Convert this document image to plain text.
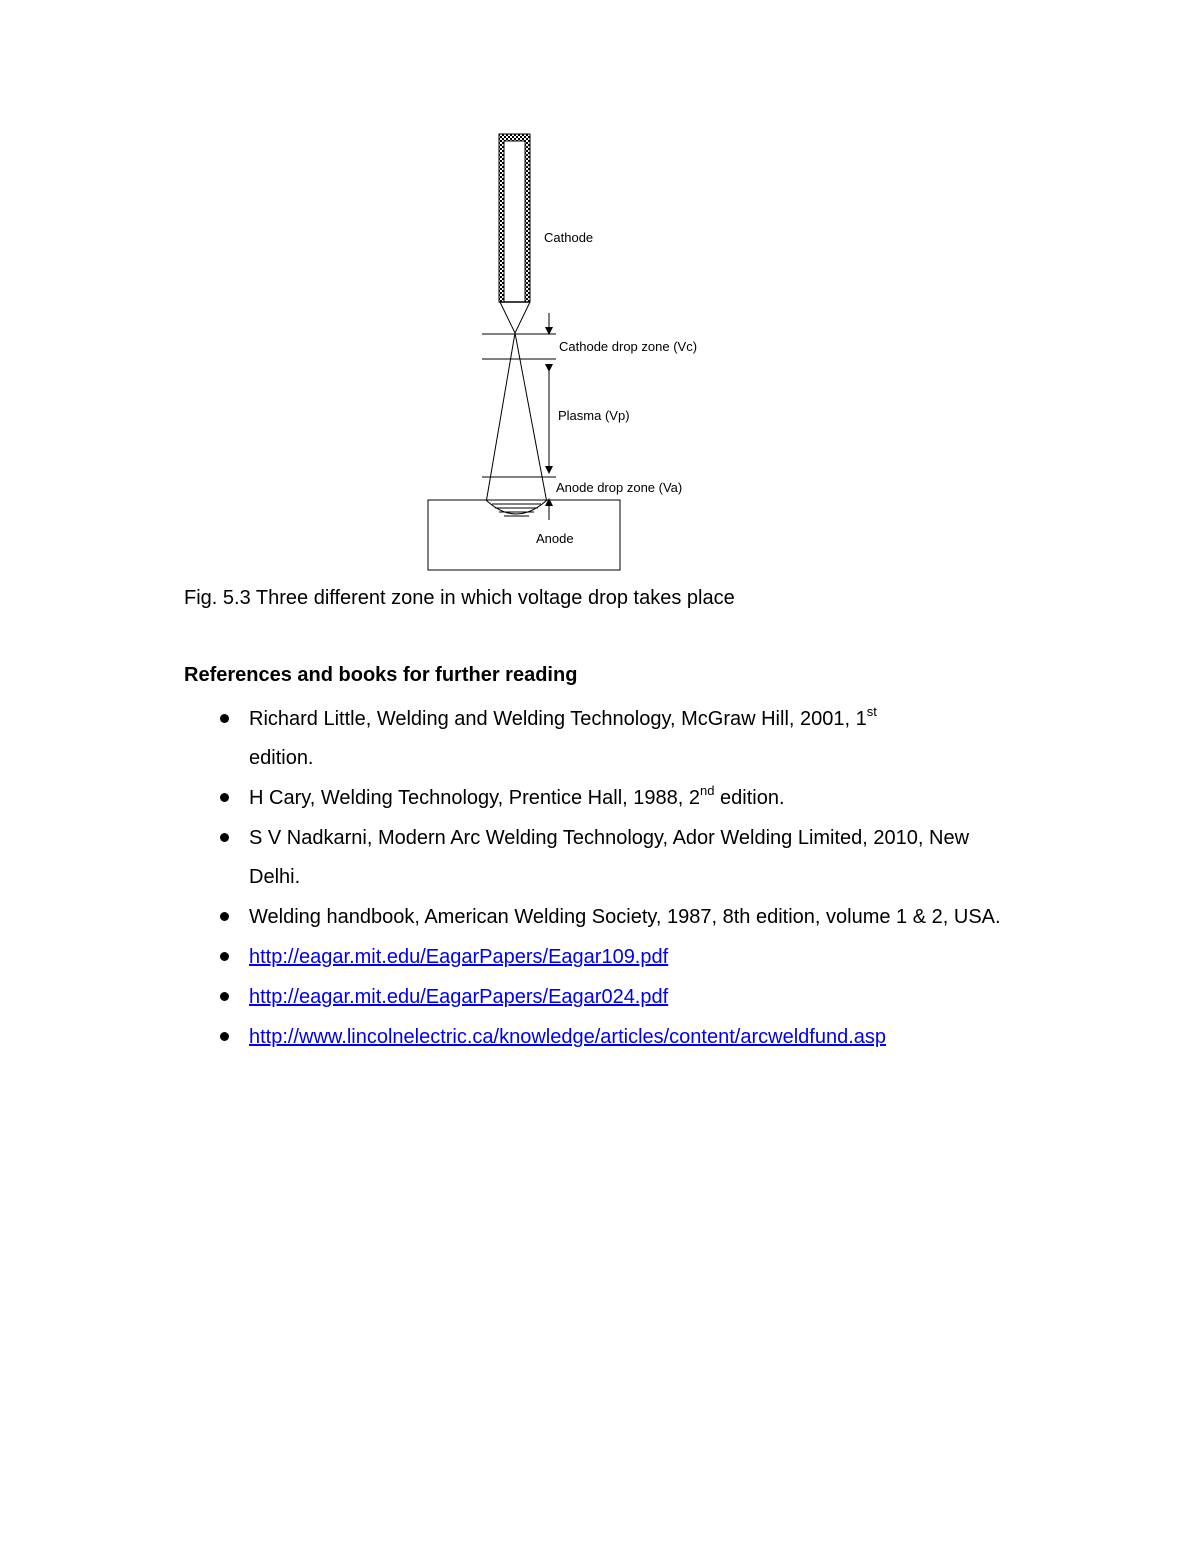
Cathode
Cathode drop zone (Vc)
Plasma (Vp)
Anode drop zone (Va)
Anode
Fig. 5.3 Three different zone in which voltage drop takes place
References and books for further reading
Richard Little, Welding and Welding Technology, McGraw Hill, 2001, 1st
edition.
H Cary, Welding Technology, Prentice Hall, 1988, 2nd edition.
S V Nadkarni, Modern Arc Welding Technology, Ador Welding Limited, 2010, New Delhi.
Welding handbook, American Welding Society, 1987, 8th edition, volume 1 & 2, USA.
http://eagar.mit.edu/EagarPapers/Eagar109.pdf
http://eagar.mit.edu/EagarPapers/Eagar024.pdf
http://www.lincolnelectric.ca/knowledge/articles/content/arcweldfund.asp
